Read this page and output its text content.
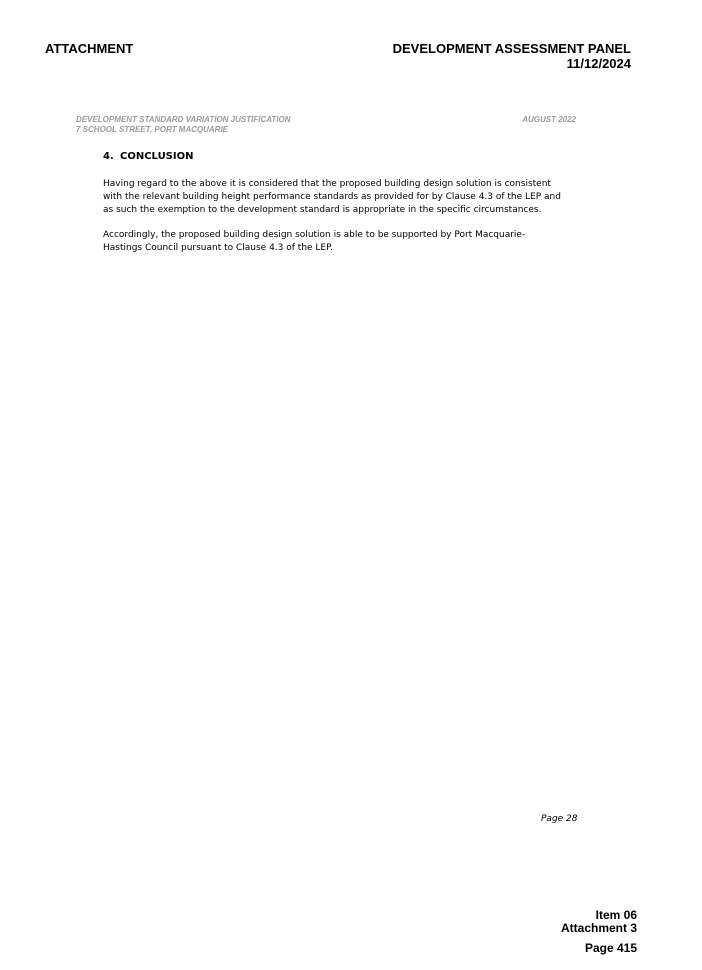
ATTACHMENT	DEVELOPMENT ASSESSMENT PANEL
11/12/2024
DEVELOPMENT STANDARD VARIATION JUSTIFICATION
7 SCHOOL STREET, PORT MACQUARIE
AUGUST 2022
4. CONCLUSION

Having regard to the above it is considered that the proposed building design solution is consistent with the relevant building height performance standards as provided for by Clause 4.3 of the LEP and as such the exemption to the development standard is appropriate in the specific circumstances.

Accordingly, the proposed building design solution is able to be supported by Port Macquarie-Hastings Council pursuant to Clause 4.3 of the LEP.

Page 28
Item 06
Attachment 3
Page 415
